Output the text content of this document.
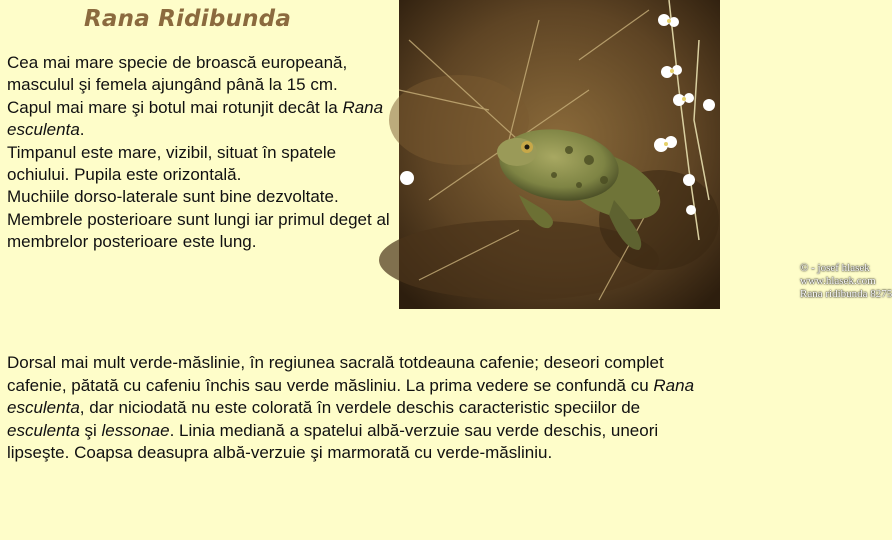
Rana Ridibunda

Cea mai mare specie de broască europeană, masculul şi femela ajungând până la 15 cm.

Capul mai mare şi botul mai rotunjit decât la Rana esculenta.

Timpanul este mare, vizibil, situat în spatele ochiului. Pupila este orizontală.

Muchiile dorso-laterale sunt bine dezvoltate.

Membrele posterioare sunt lungi iar primul deget al membrelor posterioare este lung.

© - josef hlasek
www.hlasek.com
Rana ridibunda 8275

Dorsal mai mult verde-măslinie, în regiunea sacrală totdeauna cafenie; deseori complet cafenie, pătată cu cafeniu închis sau verde măsliniu. La prima vedere se confundă cu Rana esculenta, dar niciodată nu este colorată în verdele deschis caracteristic speciilor de esculenta şi lessonae. Linia mediană a spatelui albă-verzuie sau verde deschis, uneori lipseşte. Coapsa deasupra albă-verzuie şi marmorată cu verde-măsliniu.
